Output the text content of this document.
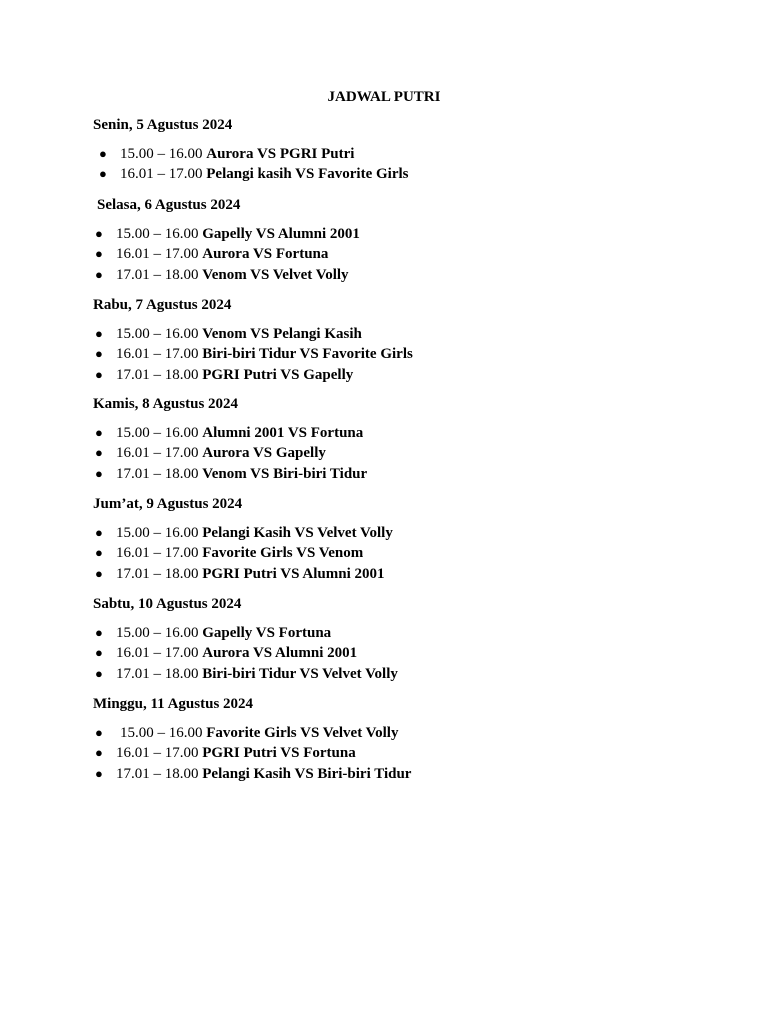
JADWAL PUTRI

Senin, 5 Agustus 2024

● 15.00 – 16.00 Aurora VS PGRI Putri
● 16.01 – 17.00 Pelangi kasih VS Favorite Girls

Selasa, 6 Agustus 2024

● 15.00 – 16.00 Gapelly VS Alumni 2001
● 16.01 – 17.00 Aurora VS Fortuna
● 17.01 – 18.00 Venom VS Velvet Volly

Rabu, 7 Agustus 2024

● 15.00 – 16.00 Venom VS Pelangi Kasih
● 16.01 – 17.00 Biri-biri Tidur VS Favorite Girls
● 17.01 – 18.00 PGRI Putri VS Gapelly

Kamis, 8 Agustus 2024

● 15.00 – 16.00 Alumni 2001 VS Fortuna
● 16.01 – 17.00 Aurora VS Gapelly
● 17.01 – 18.00 Venom VS Biri-biri Tidur

Jum’at, 9 Agustus 2024

● 15.00 – 16.00 Pelangi Kasih VS Velvet Volly
● 16.01 – 17.00 Favorite Girls VS Venom
● 17.01 – 18.00 PGRI Putri VS Alumni 2001

Sabtu, 10 Agustus 2024

● 15.00 – 16.00 Gapelly VS Fortuna
● 16.01 – 17.00 Aurora VS Alumni 2001
● 17.01 – 18.00 Biri-biri Tidur VS Velvet Volly

Minggu, 11 Agustus 2024

● 15.00 – 16.00 Favorite Girls VS Velvet Volly
● 16.01 – 17.00 PGRI Putri VS Fortuna
● 17.01 – 18.00 Pelangi Kasih VS Biri-biri Tidur
